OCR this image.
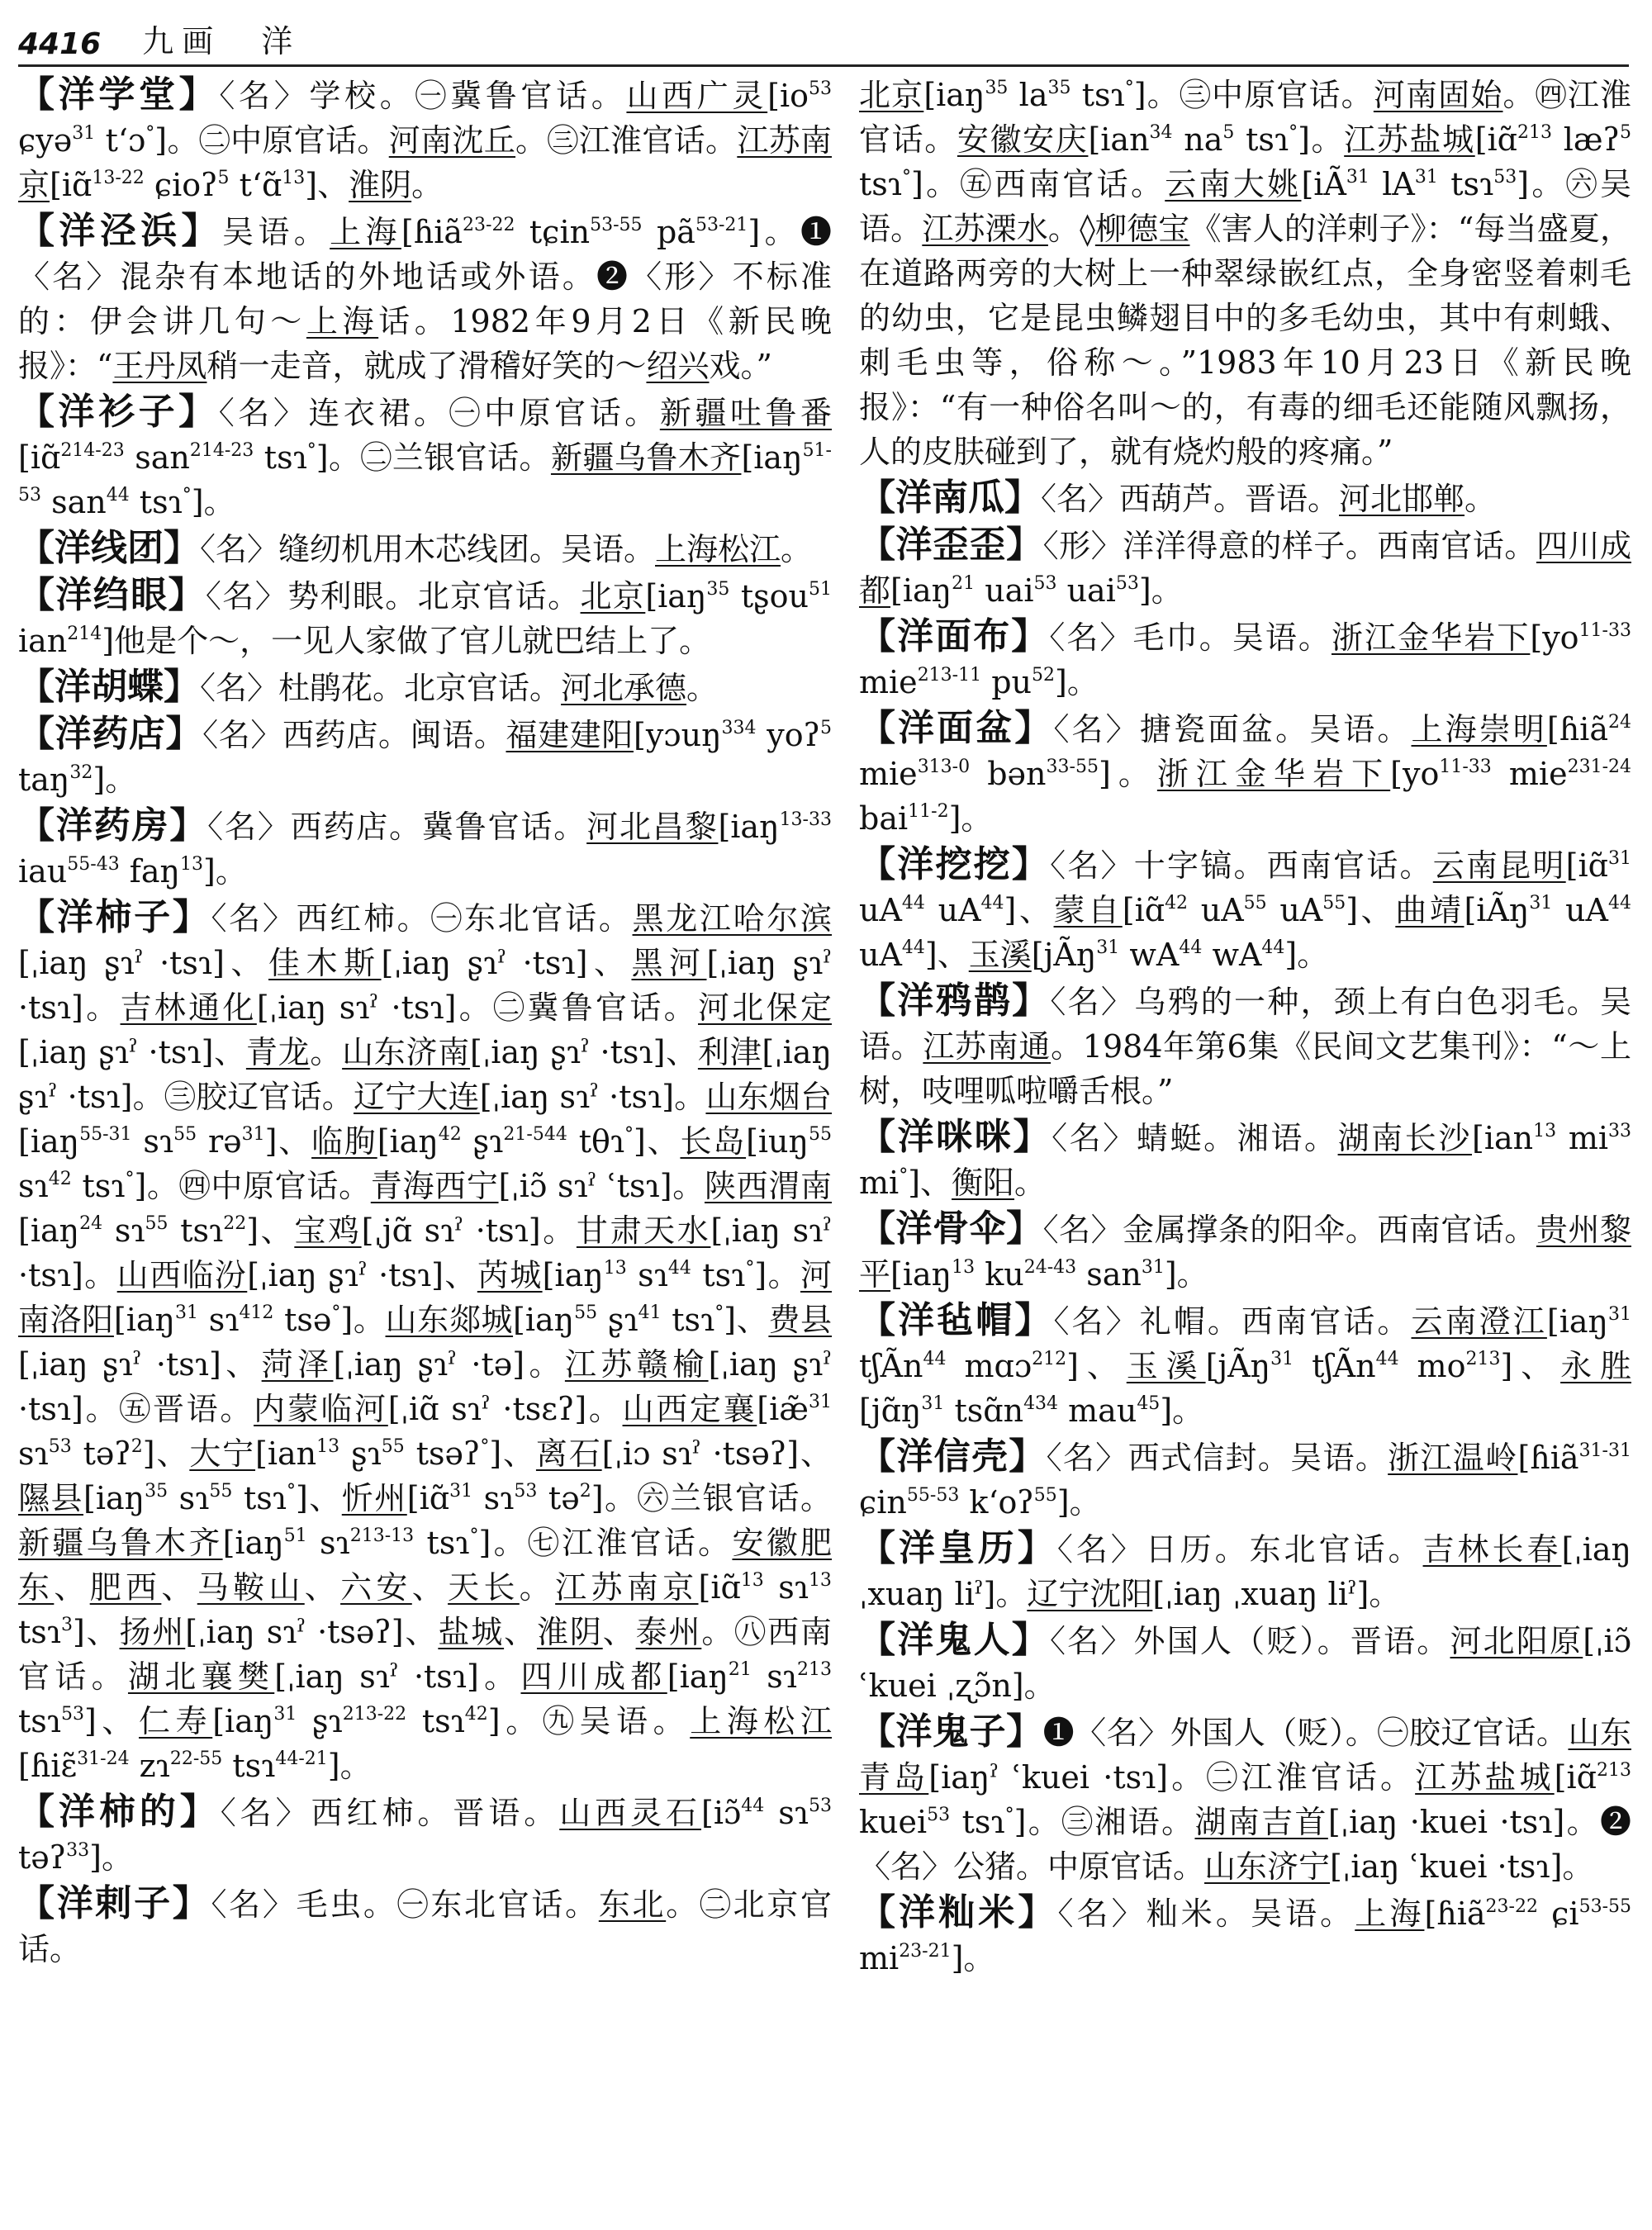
4416 九画　洋
【洋学堂】〈名〉学校。㊀冀鲁官话。山西广灵[$io^{53}$ ɕyə$^{31}$ tʻɔ°]。㊁中原官话。河南沈丘。㊂江淮官话。江苏南京[iɑ̃$^{13-22}$ ɕioʔ$^5$ tʻɑ̃$^{13}$]、淮阴。
【洋泾浜】吴语。上海[ɦiã$^{23-22}$ tɕin$^{53-55}$ $pã^{53-21}$]。❶〈名〉混杂有本地话的外地话或外语。❷〈形〉不标准的：伊会讲几句～上海话。1982年9月2日《新民晚报》：“王丹凤稍一走音，就成了滑稽好笑的～绍兴戏。”
【洋衫子】〈名〉连衣裙。㊀中原官话。新疆吐鲁番[iɑ̃$^{214-23}$ san$^{214-23}$ tsɿ°]。㊁兰银官话。新疆乌鲁木齐[iaŋ$^{51-53}$ san$^{44}$ tsɿ°]。
【洋线团】〈名〉缝纫机用木芯线团。吴语。上海松江。
【洋绉眼】〈名〉势利眼。北京官话。北京[iaŋ$^{35}$ tʂou$^{51}$ ian$^{214}$]他是个～，一见人家做了官儿就巴结上了。
【洋胡蝶】〈名〉杜鹃花。北京官话。河北承德。
【洋药店】〈名〉西药店。闽语。福建建阳[yɔuŋ$^{334}$ yoʔ$^5$ taŋ$^{32}$]。
【洋药房】〈名〉西药店。冀鲁官话。河北昌黎[iaŋ$^{13-33}$ iau$^{55-43}$ faŋ$^{13}$]。
【洋柿子】〈名〉西红柿。㊀东北官话。黑龙江哈尔滨[ˌiaŋ ʂɿˀ ·tsɿ]、佳木斯[ˌiaŋ ʂɿˀ ·tsɿ]、黑河[ˌiaŋ ʂɿˀ ·tsɿ]。吉林通化[ˌiaŋ sɿˀ ·tsɿ]。㊁冀鲁官话。河北保定[ˌiaŋ ʂɿˀ ·tsɿ]、青龙。山东济南[ˌiaŋ ʂɿˀ ·tsɿ]、利津[ˌiaŋ ʂɿˀ ·tsɿ]。㊂胶辽官话。辽宁大连[ˌiaŋ sɿˀ ·tsɿ]。山东烟台[iaŋ$^{55-31}$ sɿ$^{55}$ rə$^{31}$]、临朐[iaŋ$^{42}$ ʂɿ$^{21-544}$ tθɿ°]、长岛[iuŋ$^{55}$ sɿ$^{42}$ tsɿ°]。㊃中原官话。青海西宁[ˌiɔ̃ sɿˀ ʿtsɿ]。陕西渭南[iaŋ$^{24}$ sɿ$^{55}$ tsɿ$^{22}$]、宝鸡[ˌjɑ̃ sɿˀ ·tsɿ]。甘肃天水[ˌiaŋ sɿˀ ·tsɿ]。山西临汾[ˌiaŋ ʂɿˀ ·tsɿ]、芮城[iaŋ$^{13}$ sɿ$^{44}$ tsɿ°]。河南洛阳[iaŋ$^{31}$ sɿ$^{412}$ tsə°]。山东郯城[iaŋ$^{55}$ ʂɿ$^{41}$ tsɿ°]、费县[ˌiaŋ ʂɿˀ ·tsɿ]、菏泽[ˌiaŋ ʂɿˀ ·tə]。江苏赣榆[ˌiaŋ ʂɿˀ ·tsɿ]。㊄晋语。内蒙临河[ˌiɑ̃ sɿˀ ·tsɛʔ]。山西定襄[iæ̃$^{31}$ sɿ$^{53}$ təʔ$^2$]、大宁[ian$^{13}$ ʂɿ$^{55}$ tsəʔ°]、离石[ˌiɔ sɿˀ ·tsəʔ]、隰县[iaŋ$^{35}$ sɿ$^{55}$ tsɿ°]、忻州[iɑ̃$^{31}$ sɿ$^{53}$ tə$^2$]。㊅兰银官话。新疆乌鲁木齐[iaŋ$^{51}$ sɿ$^{213-13}$ tsɿ°]。㊆江淮官话。安徽肥东、肥西、马鞍山、六安、天长。江苏南京[iɑ̃$^{13}$ sɿ$^{13}$ tsɿ$^3$]、扬州[ˌiaŋ sɿˀ ·tsəʔ]、盐城、淮阴、泰州。㊇西南官话。湖北襄樊[ˌiaŋ sɿˀ ·tsɿ]。四川成都[iaŋ$^{21}$ sɿ$^{213}$ tsɿ$^{53}$]、仁寿[iaŋ$^{31}$ ʂɿ$^{213-22}$ tsɿ$^{42}$]。㊈吴语。上海松江[ɦiɛ̃$^{31-24}$ zɿ$^{22-55}$ tsɿ$^{44-21}$]。
【洋柿的】〈名〉西红柿。晋语。山西灵石[iɔ̃$^{44}$ sɿ$^{53}$ təʔ$^{33}$]。
【洋剌子】〈名〉毛虫。㊀东北官话。东北。㊁北京官话。
北京[iaŋ$^{35}$ $la^{35}$ tsɿ°]。㊂中原官话。河南固始。㊃江淮官话。安徽安庆[ian$^{34}$ $na^5$ tsɿ°]。江苏盐城[iɑ̃$^{213}$ læʔ$^5$ tsɿ°]。㊄西南官话。云南大姚[$iÃ^{31}$ $lA^{31}$ tsɿ$^{53}$]。㊅吴语。江苏溧水。◊柳德宝《害人的洋剌子》：“每当盛夏，在道路两旁的大树上一种翠绿嵌红点，全身密竖着刺毛的幼虫，它是昆虫鳞翅目中的多毛幼虫，其中有刺蛾、刺毛虫等，俗称～。”1983年10月23日《新民晚报》：“有一种俗名叫～的，有毒的细毛还能随风飘扬，人的皮肤碰到了，就有烧灼般的疼痛。”
【洋南瓜】〈名〉西葫芦。晋语。河北邯郸。
【洋歪歪】〈形〉洋洋得意的样子。西南官话。四川成都[iaŋ$^{21}$ uai$^{53}$ uai$^{53}$]。
【洋面布】〈名〉毛巾。吴语。浙江金华岩下[$yo^{11-33}$ mie$^{213-11}$ $pu^{52}$]。
【洋面盆】〈名〉搪瓷面盆。吴语。上海崇明[ɦiã$^{24}$ mie$^{313-0}$ bən$^{33-55}$]。浙江金华岩下[$yo^{11-33}$ mie$^{231-24}$ bai$^{11-2}$]。
【洋挖挖】〈名〉十字镐。西南官话。云南昆明[iɑ̃$^{31}$ $uA^{44}$ $uA^{44}$]、蒙自[iɑ̃$^{42}$ $uA^{55}$ $uA^{55}$]、曲靖[iÃŋ$^{31}$ $uA^{44}$ $uA^{44}$]、玉溪[jÃŋ$^{31}$ $wA^{44}$ $wA^{44}$]。
【洋鸦鹊】〈名〉乌鸦的一种，颈上有白色羽毛。吴语。江苏南通。1984年第6集《民间文艺集刊》：“～上树，吱哩呱啦嚼舌根。”
【洋咪咪】〈名〉蜻蜓。湘语。湖南长沙[ian$^{13}$ $mi^{33}$ mi°]、衡阳。
【洋骨伞】〈名〉金属撑条的阳伞。西南官话。贵州黎平[iaŋ$^{13}$ $ku^{24-43}$ san$^{31}$]。
【洋毡帽】〈名〉礼帽。西南官话。云南澄江[iaŋ$^{31}$ tʃÃn$^{44}$ mɑɔ$^{212}$]、玉溪[jÃŋ$^{31}$ tʃÃn$^{44}$ $mo^{213}$]、永胜[$jɑ̃ŋ^{31}$ $tsɑ̃n^{434}$ mau$^{45}$]。
【洋信壳】〈名〉西式信封。吴语。浙江温岭[ɦiã$^{31-31}$ ɕin$^{55-53}$ kʻoʔ$^{55}$]。
【洋皇历】〈名〉日历。东北官话。吉林长春[ˌiaŋ ˌxuaŋ liˀ]。辽宁沈阳[ˌiaŋ ˌxuaŋ liˀ]。
【洋鬼人】〈名〉外国人（贬）。晋语。河北阳原[ˌiɔ̃ ʿkuei ˌʐɔ̃n]。
【洋鬼子】❶〈名〉外国人（贬）。㊀胶辽官话。山东青岛[iaŋˀ ʿkuei ·tsɿ]。㊁江淮官话。江苏盐城[iɑ̃$^{213}$ kuei$^{53}$ tsɿ°]。㊂湘语。湖南吉首[ˌiaŋ ·kuei ·tsɿ]。❷〈名〉公猪。中原官话。山东济宁[ˌiaŋ ʿkuei ·tsɿ]。
【洋籼米】〈名〉籼米。吴语。上海[ɦiã$^{23-22}$ ɕi$^{53-55}$ $mi^{23-21}$]。
